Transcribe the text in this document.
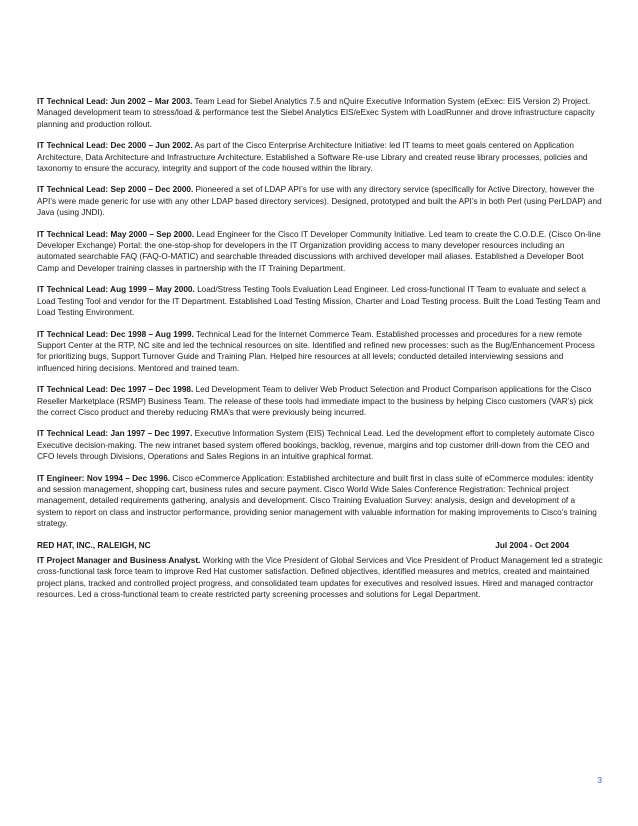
IT Technical Lead: Jun 2002 – Mar 2003. Team Lead for Siebel Analytics 7.5 and nQuire Executive Information System (eExec: EIS Version 2) Project. Managed development team to stress/load & performance test the Siebel Analytics EIS/eExec System with LoadRunner and drove infrastructure capacity planning and production rollout.

IT Technical Lead: Dec 2000 – Jun 2002. As part of the Cisco Enterprise Architecture Initiative: led IT teams to meet goals centered on Application Architecture, Data Architecture and Infrastructure Architecture. Established a Software Re-use Library and created reuse library processes, policies and taxonomy to ensure the accuracy, integrity and support of the code housed within the library.

IT Technical Lead: Sep 2000 – Dec 2000. Pioneered a set of LDAP API’s for use with any directory service (specifically for Active Directory, however the API’s were made generic for use with any other LDAP based directory services). Designed, prototyped and built the API’s in both Perl (using PerLDAP) and Java (using JNDI).

IT Technical Lead: May 2000 – Sep 2000. Lead Engineer for the Cisco IT Developer Community Initiative. Led team to create the C.O.D.E. (Cisco On-line Developer Exchange) Portal: the one-stop-shop for developers in the IT Organization providing access to many developer resources including an automated searchable FAQ (FAQ-O-MATIC) and searchable threaded discussions with archived developer mail aliases. Established a Developer Boot Camp and Developer training classes in partnership with the IT Training Department.

IT Technical Lead: Aug 1999 – May 2000. Load/Stress Testing Tools Evaluation Lead Engineer. Led cross-functional IT Team to evaluate and select a Load Testing Tool and vendor for the IT Department. Established Load Testing Mission, Charter and Load Testing process. Built the Load Testing Team and Load Testing Environment.

IT Technical Lead: Dec 1998 – Aug 1999. Technical Lead for the Internet Commerce Team. Established processes and procedures for a new remote Support Center at the RTP, NC site and led the technical resources on site. Identified and refined new processes: such as the Bug/Enhancement Process for prioritizing bugs, Support Turnover Guide and Training Plan. Helped hire resources at all levels; conducted detailed interviewing sessions and influenced hiring decisions. Mentored and trained team.

IT Technical Lead: Dec 1997 – Dec 1998. Led Development Team to deliver Web Product Selection and Product Comparison applications for the Cisco Reseller Marketplace (RSMP) Business Team. The release of these tools had immediate impact to the business by helping Cisco customers (VAR’s) pick the correct Cisco product and thereby reducing RMA’s that were previously being incurred.

IT Technical Lead: Jan 1997 – Dec 1997. Executive Information System (EIS) Technical Lead. Led the development effort to completely automate Cisco Executive decision-making. The new intranet based system offered bookings, backlog, revenue, margins and top customer drill-down from the CEO and CFO levels through Divisions, Operations and Sales Regions in an intuitive graphical format.

IT Engineer: Nov 1994 – Dec 1996. Cisco eCommerce Application: Established architecture and built first in class suite of eCommerce modules: identity and session management, shopping cart, business rules and secure payment. Cisco World Wide Sales Conference Registration: Technical project management, detailed requirements gathering, analysis and development. Cisco Training Evaluation Survey: analysis, design and development of a system to report on class and instructor performance, providing senior management with valuable information for making improvements to Cisco’s training strategy.

RED HAT, INC., RALEIGH, NC	Jul 2004 - Oct 2004

IT Project Manager and Business Analyst. Working with the Vice President of Global Services and Vice President of Product Management led a strategic cross-functional task force team to improve Red Hat customer satisfaction. Defined objectives, identified measures and metrics, created and maintained project plans, tracked and controlled project progress, and consolidated team updates for executives and resolved issues. Hired and managed contractor resources. Led a cross-functional team to create restricted party screening processes and solutions for Legal Department.

3
